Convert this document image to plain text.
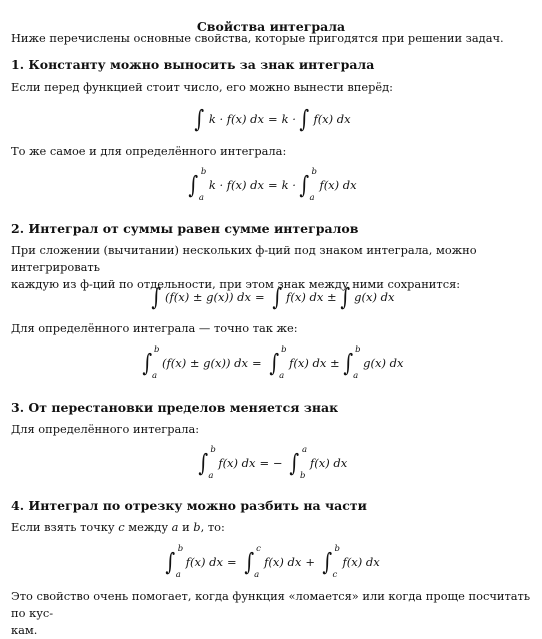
Свойства интеграла

Ниже перечислены основные свойства, которые пригодятся при решении задач.

1. Константу можно выносить за знак интеграла

Если перед функцией стоит число, его можно вынести вперёд:

∫ k · f(x) dx = k · ∫ f(x) dx

То же самое и для определённого интеграла:

∫ b
a
k · f(x) dx = k · ∫ b
a
f(x) dx

2. Интеграл от суммы равен сумме интегралов

При сложении (вычитании) нескольких ф-ций под знаком интеграла, можно интегрировать

каждую из ф-ций по отдельности, при этом знак между ними сохранится:

∫ (f(x) ± g(x)) dx = ∫ f(x) dx ± ∫ g(x) dx

Для определённого интеграла — точно так же:

∫ b
a
(f(x) ± g(x)) dx = ∫ b
a
f(x) dx ± ∫ b
a
g(x) dx

3. От перестановки пределов меняется знак

Для определённого интеграла:

∫ b
a
f(x) dx = − ∫ a
b
f(x) dx

4. Интеграл по отрезку можно разбить на части

Если взять точку c между a и b, то:

∫ b
a
f(x) dx = ∫ c
a
f(x) dx + ∫ b
c
f(x) dx

Это свойство очень помогает, когда функция «ломается» или когда проще посчитать по кус-

кам.
